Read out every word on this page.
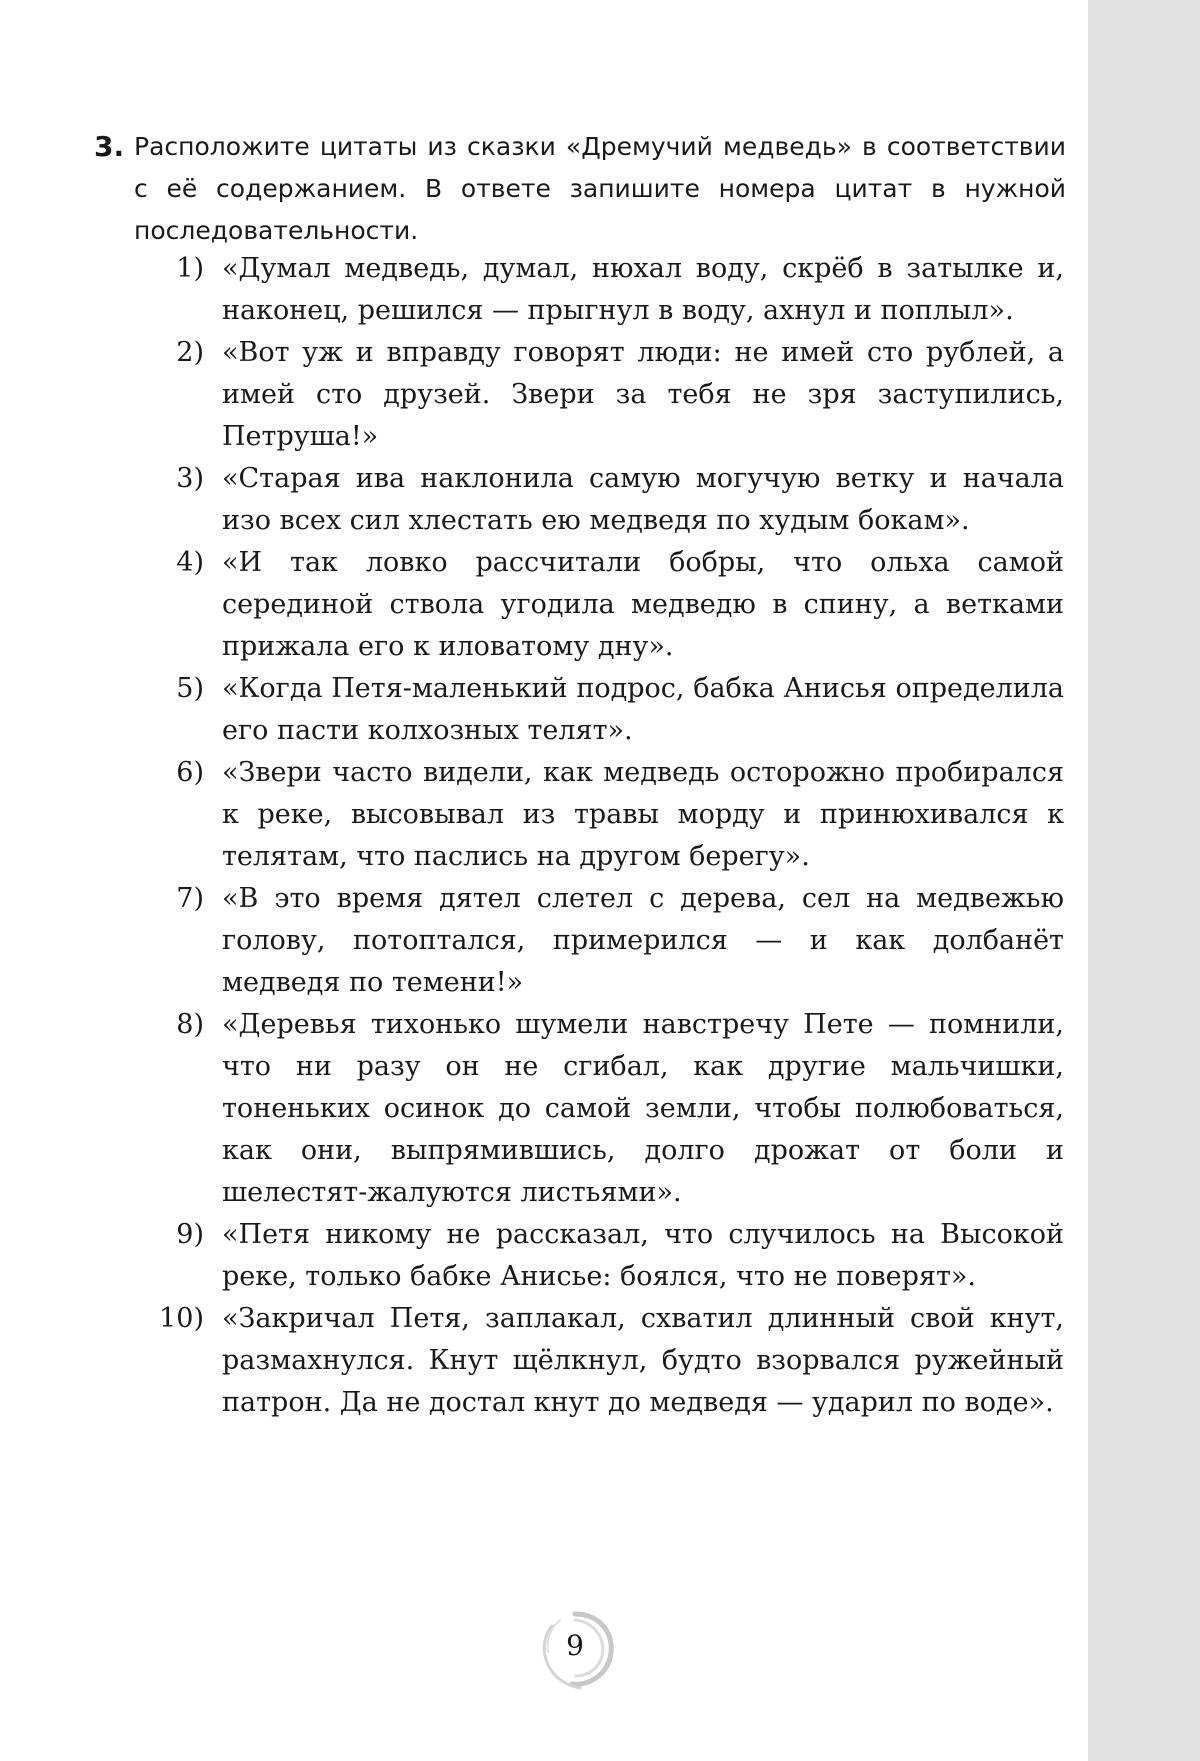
3. Расположите цитаты из сказки «Дремучий медведь» в соответствии с её содержанием. В ответе запишите номера цитат в нужной последовательности.
1) «Думал медведь, думал, нюхал воду, скрёб в затылке и, наконец, решился — прыгнул в воду, ахнул и поплыл».
2) «Вот уж и вправду говорят люди: не имей сто рублей, а имей сто друзей. Звери за тебя не зря заступились, Петруша!»
3) «Старая ива наклонила самую могучую ветку и начала изо всех сил хлестать ею медведя по худым бокам».
4) «И так ловко рассчитали бобры, что ольха самой серединой ствола угодила медведю в спину, а ветками прижала его к иловатому дну».
5) «Когда Петя-маленький подрос, бабка Анисья определила его пасти колхозных телят».
6) «Звери часто видели, как медведь осторожно пробирался к реке, высовывал из травы морду и принюхивался к телятам, что паслись на другом берегу».
7) «В это время дятел слетел с дерева, сел на медвежью голову, потоптался, примерился — и как долбанёт медведя по темени!»
8) «Деревья тихонько шумели навстречу Пете — помнили, что ни разу он не сгибал, как другие мальчишки, тоненьких осинок до самой земли, чтобы полюбоваться, как они, выпрямившись, долго дрожат от боли и шелестят-жалуются листьями».
9) «Петя никому не рассказал, что случилось на Высокой реке, только бабке Анисье: боялся, что не поверят».
10) «Закричал Петя, заплакал, схватил длинный свой кнут, размахнулся. Кнут щёлкнул, будто взорвался ружейный патрон. Да не достал кнут до медведя — ударил по воде».
9
